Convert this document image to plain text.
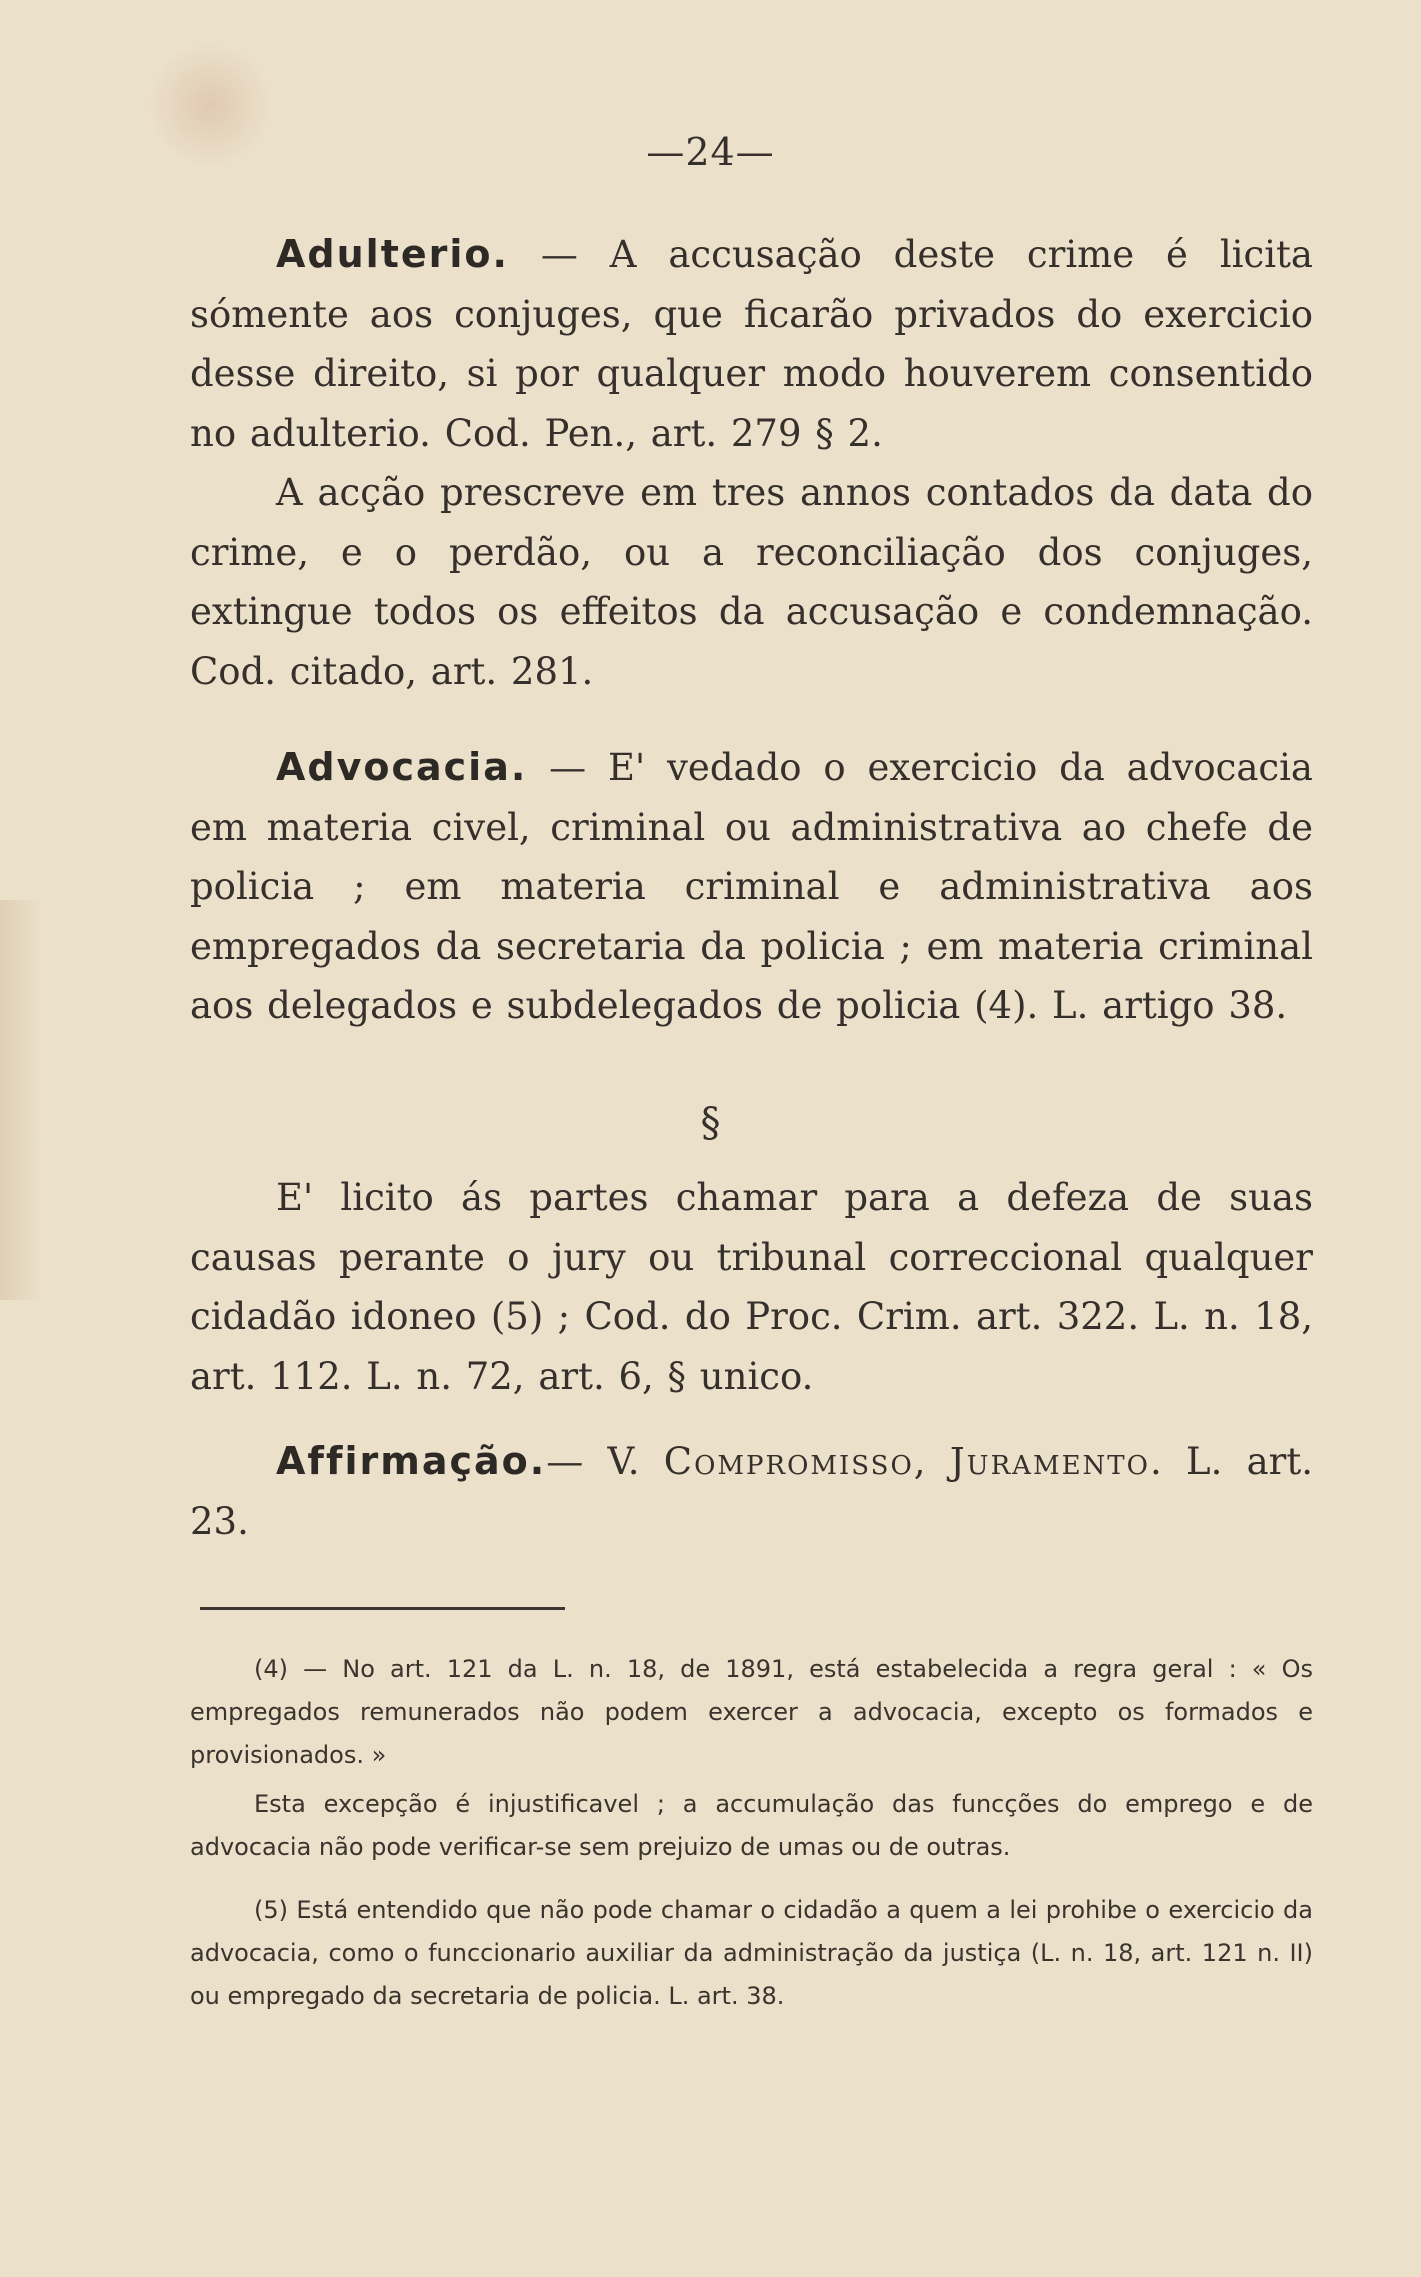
—24—

Adulterio. — A accusação deste crime é licita sómente aos conjuges, que ficarão privados do exercicio desse direito, si por qualquer modo houverem consentido no adulterio. Cod. Pen., art. 279 § 2.

A acção prescreve em tres annos contados da data do crime, e o perdão, ou a reconciliação dos conjuges, extingue todos os effeitos da accusação e condemnação. Cod. citado, art. 281.

Advocacia. — E' vedado o exercicio da advocacia em materia civel, criminal ou administrativa ao chefe de policia ; em materia criminal e administrativa aos empregados da secretaria da policia ; em materia criminal aos delegados e subdelegados de policia (4). L. artigo 38.

§

E' licito ás partes chamar para a defeza de suas causas perante o jury ou tribunal correccional qualquer cidadão idoneo (5) ; Cod. do Proc. Crim. art. 322. L. n. 18, art. 112. L. n. 72, art. 6, § unico.

Affirmação.— V. Compromisso, Juramento. L. art. 23.

(4) — No art. 121 da L. n. 18, de 1891, está estabelecida a regra geral : « Os empregados remunerados não podem exercer a advocacia, excepto os formados e provisionados. »

Esta excepção é injustificavel ; a accumulação das funcções do emprego e de advocacia não pode verificar-se sem prejuizo de umas ou de outras.

(5) Está entendido que não pode chamar o cidadão a quem a lei prohibe o exercicio da advocacia, como o funccionario auxiliar da administração da justiça (L. n. 18, art. 121 n. II) ou empregado da secretaria de policia. L. art. 38.
